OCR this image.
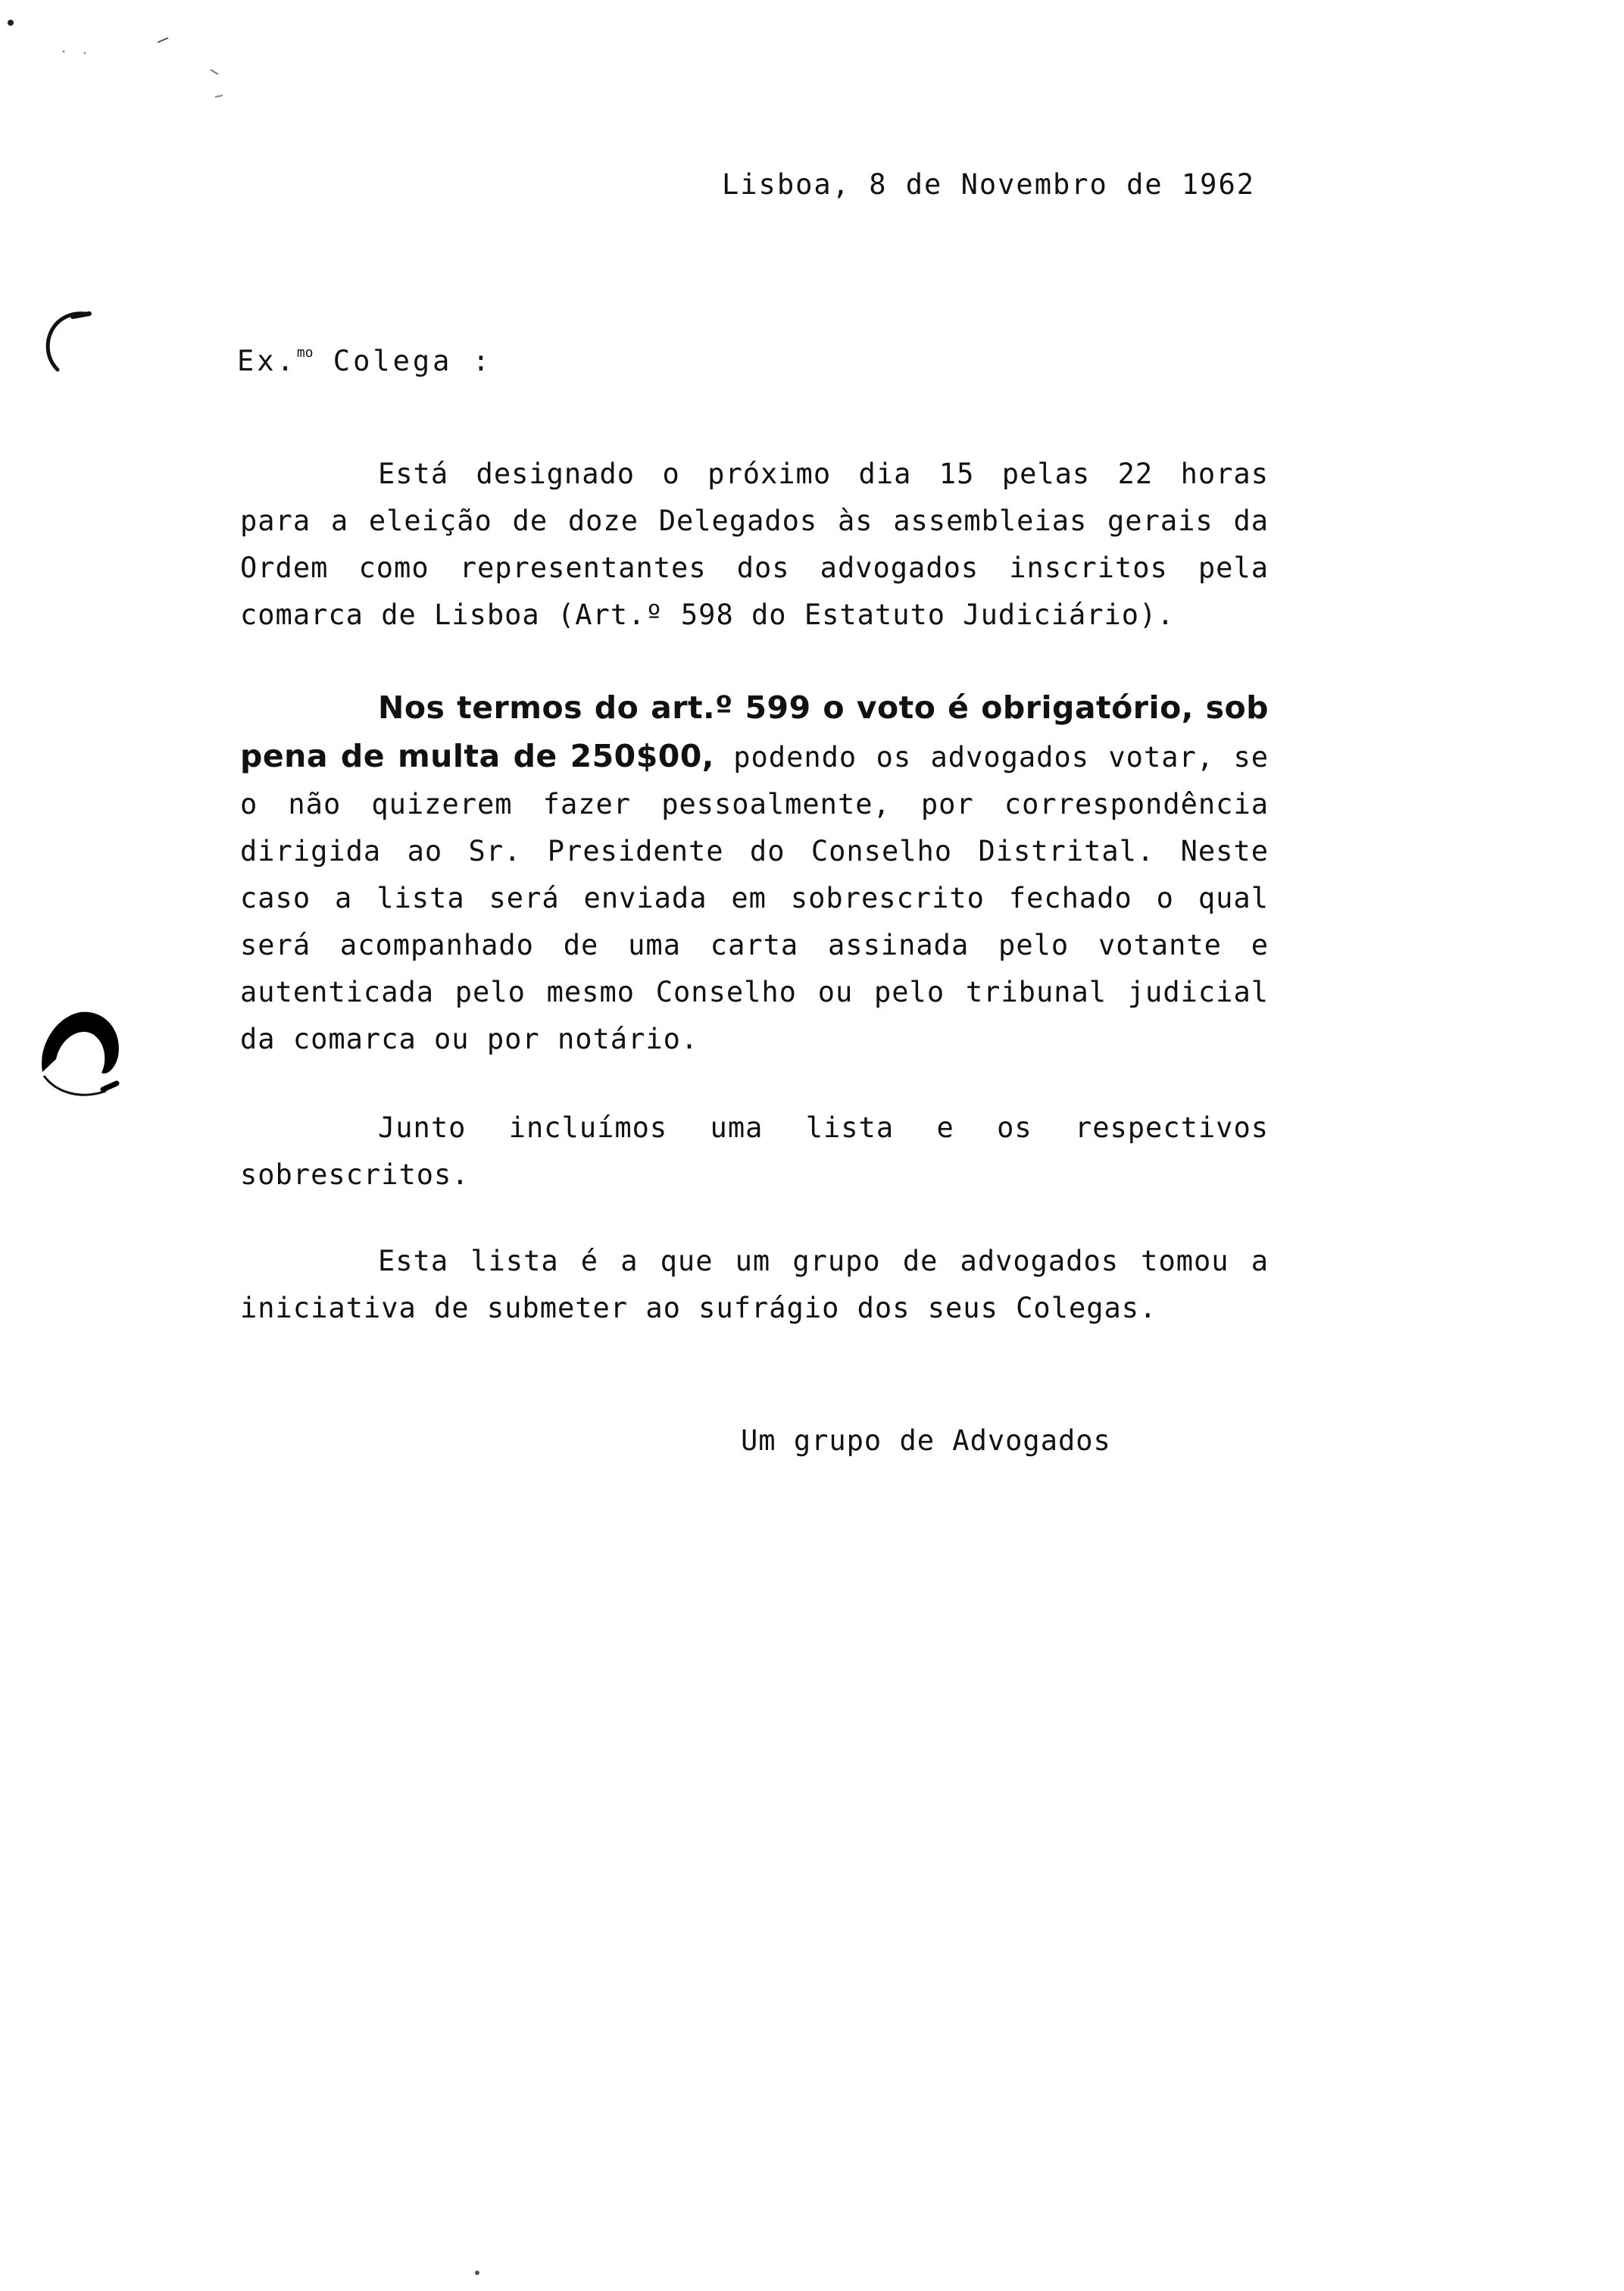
Lisboa, 8 de Novembro de 1962
Ex.$^{mo}$ Colega :
Está designado o próximo dia 15 pelas 22 horas para a eleição de doze Delegados às assembleias gerais da Ordem como representantes dos advogados inscritos pela comarca de Lisboa (Art.º 598 do Estatuto Judiciário).
Nos termos do art.º 599 o voto é obrigatório, sob pena de multa de 250$00, podendo os advogados votar, se o não quizerem fazer pessoalmente, por correspondência dirigida ao Sr. Presidente do Conselho Distrital. Neste caso a lista será enviada em sobrescrito fechado o qual será acompanhado de uma carta assinada pelo votante e autenticada pelo mesmo Conselho ou pelo tribunal judicial da comarca ou por notário.
Junto incluímos uma lista e os respectivos sobrescritos.
Esta lista é a que um grupo de advogados tomou a iniciativa de submeter ao sufrágio dos seus Colegas.
Um grupo de Advogados
